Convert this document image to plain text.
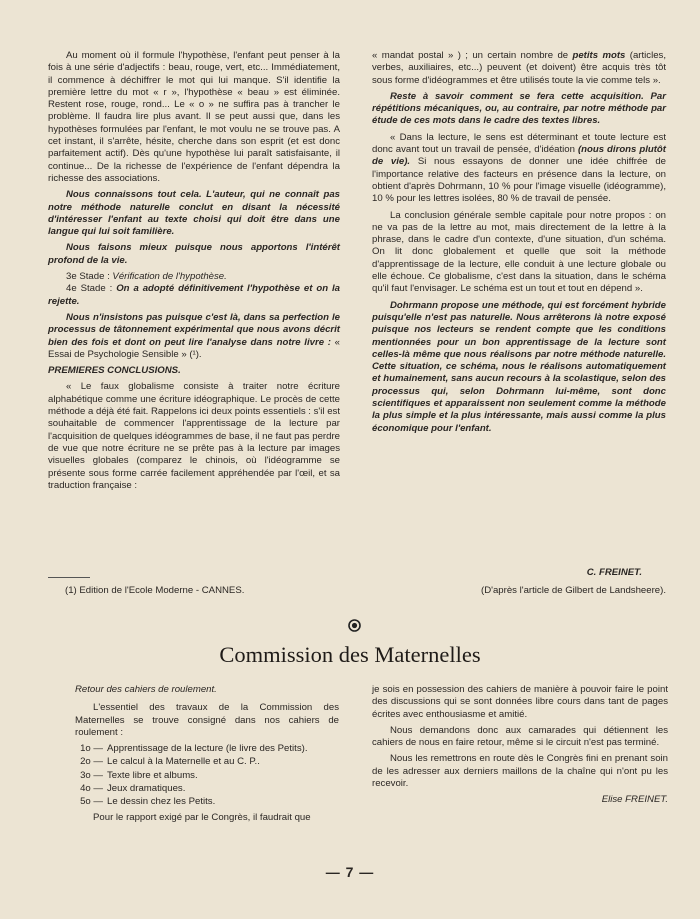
Au moment où il formule l'hypothèse, l'enfant peut penser à la fois à une série d'adjectifs : beau, rouge, vert, etc... Immédiatement, il commence à déchiffrer le mot qui lui manque. S'il identifie la première lettre du mot « r », l'hypothèse « beau » est éliminée. Restent rose, rouge, rond... Le « o » ne suffira pas à trancher le problème. Il faudra lire plus avant. Il se peut aussi que, dans les hypothèses formulées par l'enfant, le mot voulu ne se trouve pas. A cet instant, il s'arrête, hésite, cherche dans son esprit (et est donc parfaitement actif). Dès qu'une hypothèse lui paraît satisfaisante, il continue... De la richesse de l'expérience de l'enfant dépendra la richesse des associations.

Nous connaissons tout cela. L'auteur, qui ne connaît pas notre méthode naturelle conclut en disant la nécessité d'intéresser l'enfant au texte choisi qui doit être dans une langue qui lui soit familière.

Nous faisons mieux puisque nous apportons l'intérêt profond de la vie.

3e Stade : Vérification de l'hypothèse.
4e Stade : On a adopté définitivement l'hypothèse et on la rejette.

Nous n'insistons pas puisque c'est là, dans sa perfection le processus de tâtonnement expérimental que nous avons décrit bien des fois et dont on peut lire l'analyse dans notre livre : « Essai de Psychologie Sensible » (¹).

PREMIERES CONCLUSIONS.

« Le faux globalisme consiste à traiter notre écriture alphabétique comme une écriture idéographique. Le procès de cette méthode a déjà été fait. Rappelons ici deux points essentiels : s'il est souhaitable de commencer l'apprentissage de la lecture par l'acquisition de quelques idéogrammes de base, il ne faut pas perdre de vue que notre écriture ne se prête pas à la lecture par images visuelles globales (comparez le chinois, où l'idéogramme se présente sous forme carrée facilement appréhendée par l'œil, et sa traduction française :

« mandat postal » ) ; un certain nombre de petits mots (articles, verbes, auxiliaires, etc...) peuvent (et doivent) être acquis très tôt sous forme d'idéogrammes et être utilisés toute la vie comme tels ».

Reste à savoir comment se fera cette acquisition. Par répétitions mécaniques, ou, au contraire, par notre méthode par étude de ces mots dans le cadre des textes libres.

« Dans la lecture, le sens est déterminant et toute lecture est donc avant tout un travail de pensée, d'idéation (nous dirons plutôt de vie). Si nous essayons de donner une idée chiffrée de l'importance relative des facteurs en présence dans la lecture, on obtient d'après Dohrmann, 10 % pour l'image visuelle (idéogramme), 10 % pour les lettres isolées, 80 % de travail de pensée.

La conclusion générale semble capitale pour notre propos : on ne va pas de la lettre au mot, mais directement de la lettre à la phrase, dans le cadre d'un contexte, d'une situation, d'un schéma. On lit donc globalement et quelle que soit la méthode d'apprentissage de la lecture, elle conduit à une lecture globale ou elle échoue. Ce globalisme, c'est dans la situation, dans le schéma qu'il faut l'envisager. Le schéma est un tout et tout en dépend ».

Dohrmann propose une méthode, qui est forcément hybride puisqu'elle n'est pas naturelle. Nous arrêterons là notre exposé puisque nos lecteurs se rendent compte que les conditions mentionnées pour un bon apprentissage de la lecture sont celles-là même que nous réalisons par notre méthode naturelle. Cette situation, ce schéma, nous le réalisons automatiquement et humainement, sans aucun recours à la scolastique, selon des processus qui, selon Dohrmann lui-même, sont donc scientifiques et apparaissent non seulement comme la méthode la plus simple et la plus intéressante, mais aussi comme la plus économique pour l'enfant.

C. FREINET.
(1) Edition de l'Ecole Moderne - CANNES.	(D'après l'article de Gilbert de Landsheere).
Commission des Maternelles

Retour des cahiers de roulement.

L'essentiel des travaux de la Commission des Maternelles se trouve consigné dans nos cahiers de roulement :

1o — Apprentissage de la lecture (le livre des Petits).
2o — Le calcul à la Maternelle et au C. P..
3o — Texte libre et albums.
4o — Jeux dramatiques.
5o — Le dessin chez les Petits.

Pour le rapport exigé par le Congrès, il faudrait que

je sois en possession des cahiers de manière à pouvoir faire le point des discussions qui se sont données libre cours dans tant de pages écrites avec enthousiasme et amitié.

Nous demandons donc aux camarades qui détiennent les cahiers de nous en faire retour, même si le circuit n'est pas terminé.

Nous les remettrons en route dès le Congrès fini en prenant soin de les adresser aux derniers maillons de la chaîne qui n'ont pu les recevoir.

Elise FREINET.
— 7 —
